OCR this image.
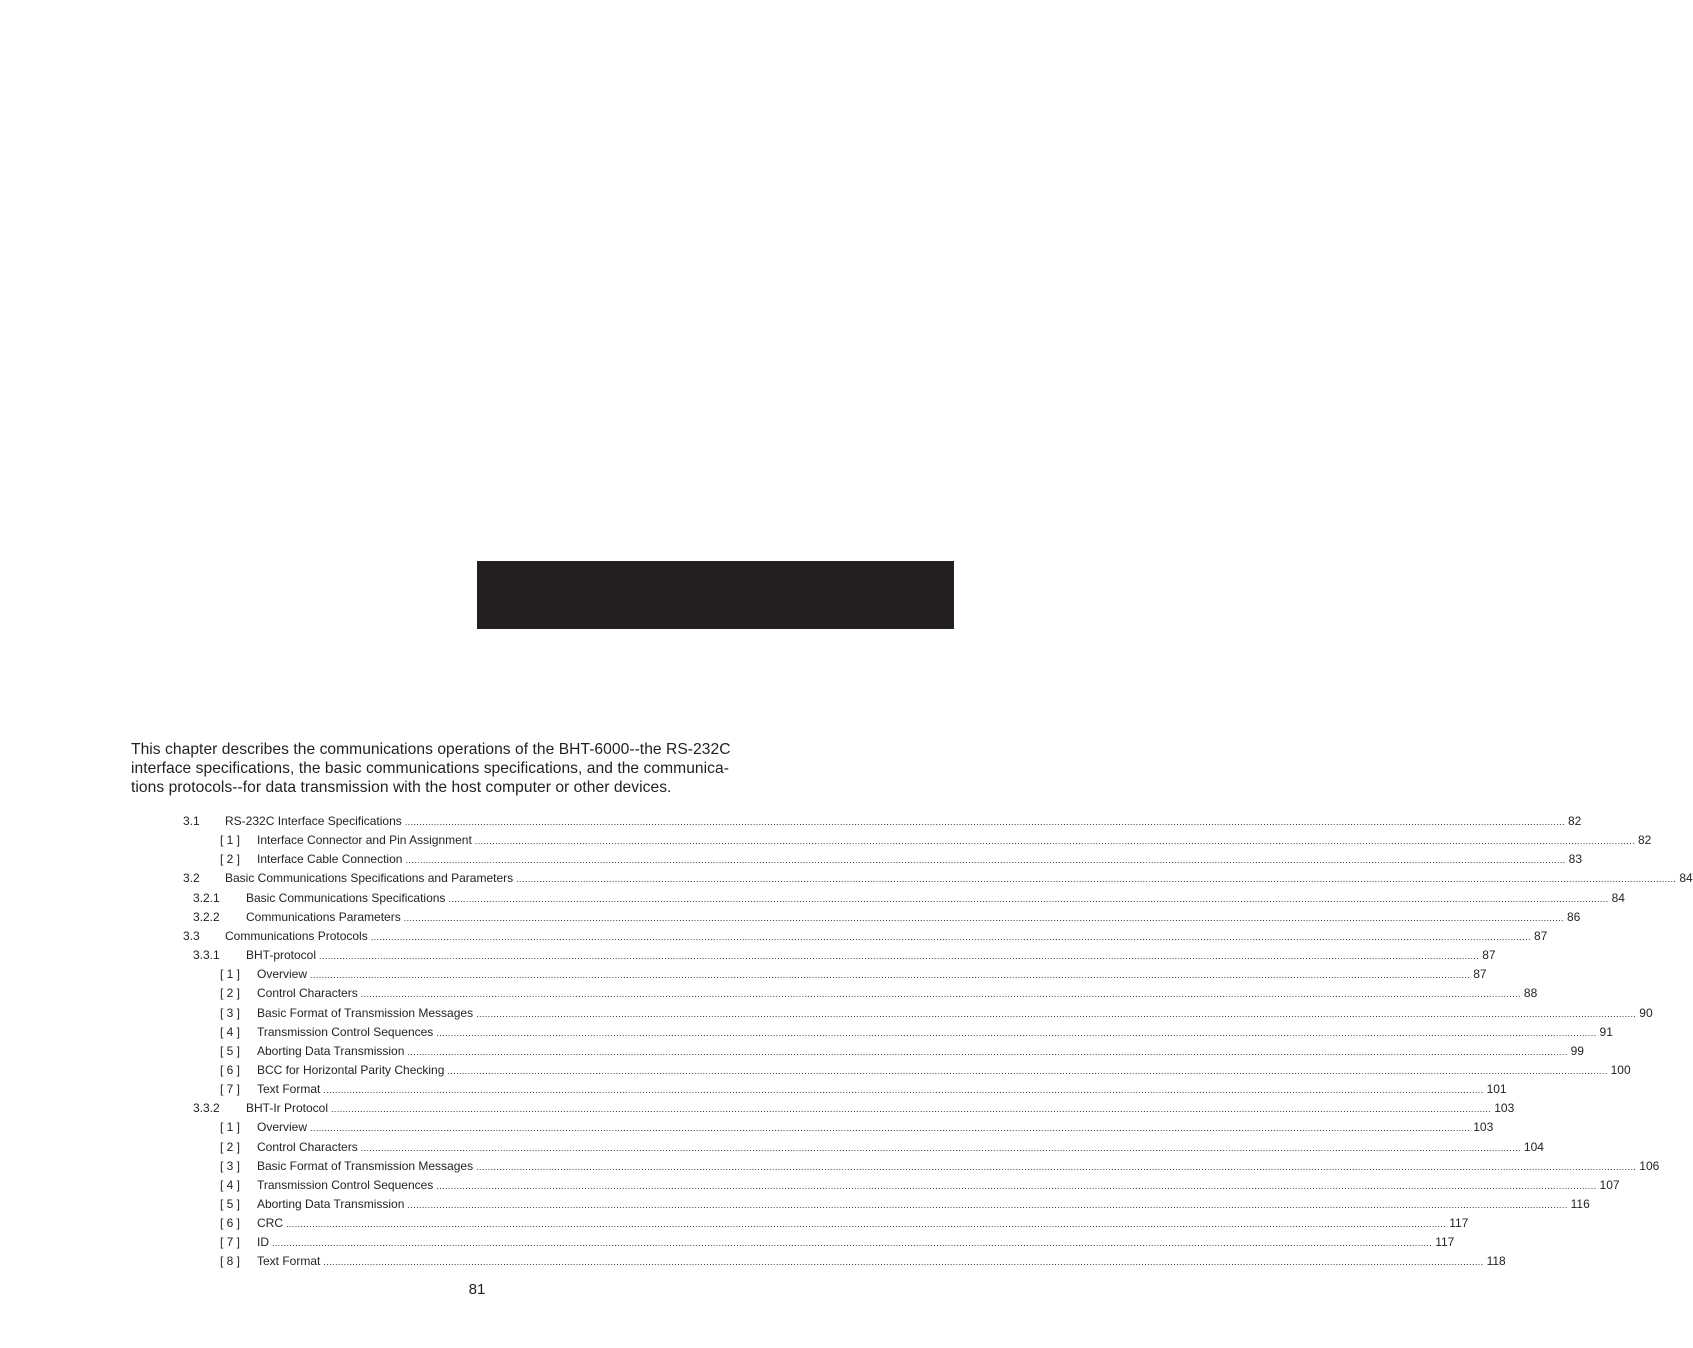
This chapter describes the communications operations of the BHT-6000--the RS-232C
interface specifications, the basic communications specifications, and the communica-
tions protocols--for data transmission with the host computer or other devices.

3.1 RS-232C Interface Specifications ................................................................................................................................................................................................................................................................................................................................................................................................................ 82
[ 1 ] Interface Connector and Pin Assignment ................................................................................................................................................................................................................................................................................................................................................................................................................ 82
[ 2 ] Interface Cable Connection ................................................................................................................................................................................................................................................................................................................................................................................................................ 83
3.2 Basic Communications Specifications and Parameters ................................................................................................................................................................................................................................................................................................................................................................................................................ 84
3.2.1 Basic Communications Specifications ................................................................................................................................................................................................................................................................................................................................................................................................................ 84
3.2.2 Communications Parameters ................................................................................................................................................................................................................................................................................................................................................................................................................ 86
3.3 Communications Protocols ................................................................................................................................................................................................................................................................................................................................................................................................................ 87
3.3.1 BHT-protocol ................................................................................................................................................................................................................................................................................................................................................................................................................ 87
[ 1 ] Overview ................................................................................................................................................................................................................................................................................................................................................................................................................ 87
[ 2 ] Control Characters ................................................................................................................................................................................................................................................................................................................................................................................................................ 88
[ 3 ] Basic Format of Transmission Messages ................................................................................................................................................................................................................................................................................................................................................................................................................ 90
[ 4 ] Transmission Control Sequences ................................................................................................................................................................................................................................................................................................................................................................................................................ 91
[ 5 ] Aborting Data Transmission ................................................................................................................................................................................................................................................................................................................................................................................................................ 99
[ 6 ] BCC for Horizontal Parity Checking ................................................................................................................................................................................................................................................................................................................................................................................................................ 100
[ 7 ] Text Format ................................................................................................................................................................................................................................................................................................................................................................................................................ 101
3.3.2 BHT-Ir Protocol ................................................................................................................................................................................................................................................................................................................................................................................................................ 103
[ 1 ] Overview ................................................................................................................................................................................................................................................................................................................................................................................................................ 103
[ 2 ] Control Characters ................................................................................................................................................................................................................................................................................................................................................................................................................ 104
[ 3 ] Basic Format of Transmission Messages ................................................................................................................................................................................................................................................................................................................................................................................................................ 106
[ 4 ] Transmission Control Sequences ................................................................................................................................................................................................................................................................................................................................................................................................................ 107
[ 5 ] Aborting Data Transmission ................................................................................................................................................................................................................................................................................................................................................................................................................ 116
[ 6 ] CRC ................................................................................................................................................................................................................................................................................................................................................................................................................ 117
[ 7 ] ID ................................................................................................................................................................................................................................................................................................................................................................................................................ 117
[ 8 ] Text Format ................................................................................................................................................................................................................................................................................................................................................................................................................ 118
81
